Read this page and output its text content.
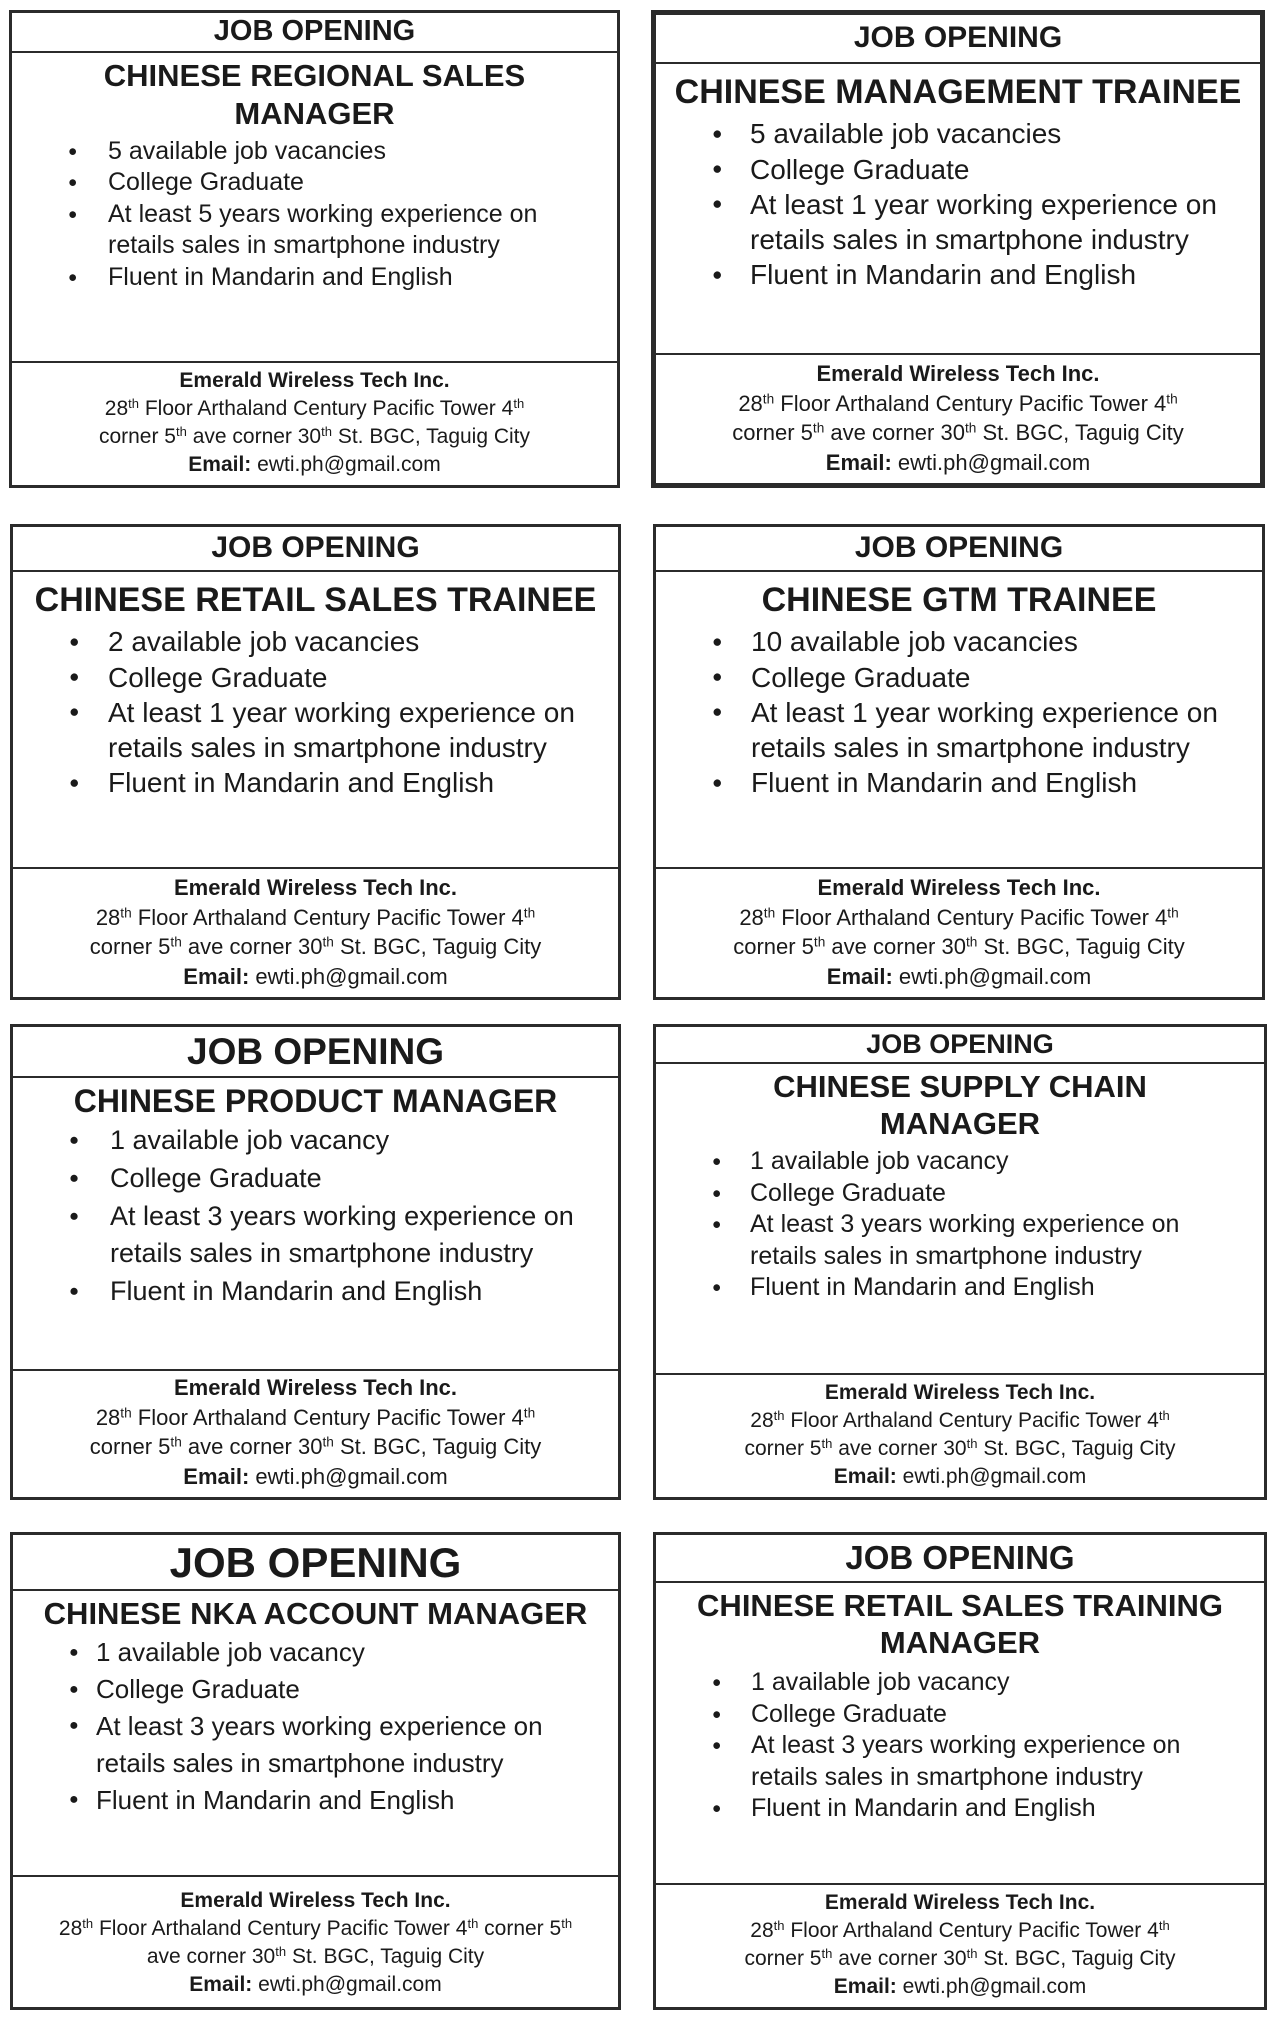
JOB OPENING
CHINESE REGIONAL SALES MANAGER
● 5 available job vacancies
● College Graduate
● At least 5 years working experience on retails sales in smartphone industry
● Fluent in Mandarin and English
Emerald Wireless Tech Inc.
28th Floor Arthaland Century Pacific Tower 4th
corner 5th ave corner 30th St. BGC, Taguig City
Email: ewti.ph@gmail.com
JOB OPENING
CHINESE MANAGEMENT TRAINEE
● 5 available job vacancies
● College Graduate
● At least 1 year working experience on retails sales in smartphone industry
● Fluent in Mandarin and English
Emerald Wireless Tech Inc.
28th Floor Arthaland Century Pacific Tower 4th
corner 5th ave corner 30th St. BGC, Taguig City
Email: ewti.ph@gmail.com
JOB OPENING
CHINESE RETAIL SALES TRAINEE
● 2 available job vacancies
● College Graduate
● At least 1 year working experience on retails sales in smartphone industry
● Fluent in Mandarin and English
Emerald Wireless Tech Inc.
28th Floor Arthaland Century Pacific Tower 4th
corner 5th ave corner 30th St. BGC, Taguig City
Email: ewti.ph@gmail.com
JOB OPENING
CHINESE GTM TRAINEE
● 10 available job vacancies
● College Graduate
● At least 1 year working experience on retails sales in smartphone industry
● Fluent in Mandarin and English
Emerald Wireless Tech Inc.
28th Floor Arthaland Century Pacific Tower 4th
corner 5th ave corner 30th St. BGC, Taguig City
Email: ewti.ph@gmail.com
JOB OPENING
CHINESE PRODUCT MANAGER
● 1 available job vacancy
● College Graduate
● At least 3 years working experience on retails sales in smartphone industry
● Fluent in Mandarin and English
Emerald Wireless Tech Inc.
28th Floor Arthaland Century Pacific Tower 4th
corner 5th ave corner 30th St. BGC, Taguig City
Email: ewti.ph@gmail.com
JOB OPENING
CHINESE SUPPLY CHAIN MANAGER
● 1 available job vacancy
● College Graduate
● At least 3 years working experience on retails sales in smartphone industry
● Fluent in Mandarin and English
Emerald Wireless Tech Inc.
28th Floor Arthaland Century Pacific Tower 4th
corner 5th ave corner 30th St. BGC, Taguig City
Email: ewti.ph@gmail.com
JOB OPENING
CHINESE NKA ACCOUNT MANAGER
● 1 available job vacancy
● College Graduate
● At least 3 years working experience on retails sales in smartphone industry
● Fluent in Mandarin and English
Emerald Wireless Tech Inc.
28th Floor Arthaland Century Pacific Tower 4th corner 5th ave corner 30th St. BGC, Taguig City
Email: ewti.ph@gmail.com
JOB OPENING
CHINESE RETAIL SALES TRAINING MANAGER
● 1 available job vacancy
● College Graduate
● At least 3 years working experience on retails sales in smartphone industry
● Fluent in Mandarin and English
Emerald Wireless Tech Inc.
28th Floor Arthaland Century Pacific Tower 4th
corner 5th ave corner 30th St. BGC, Taguig City
Email: ewti.ph@gmail.com
